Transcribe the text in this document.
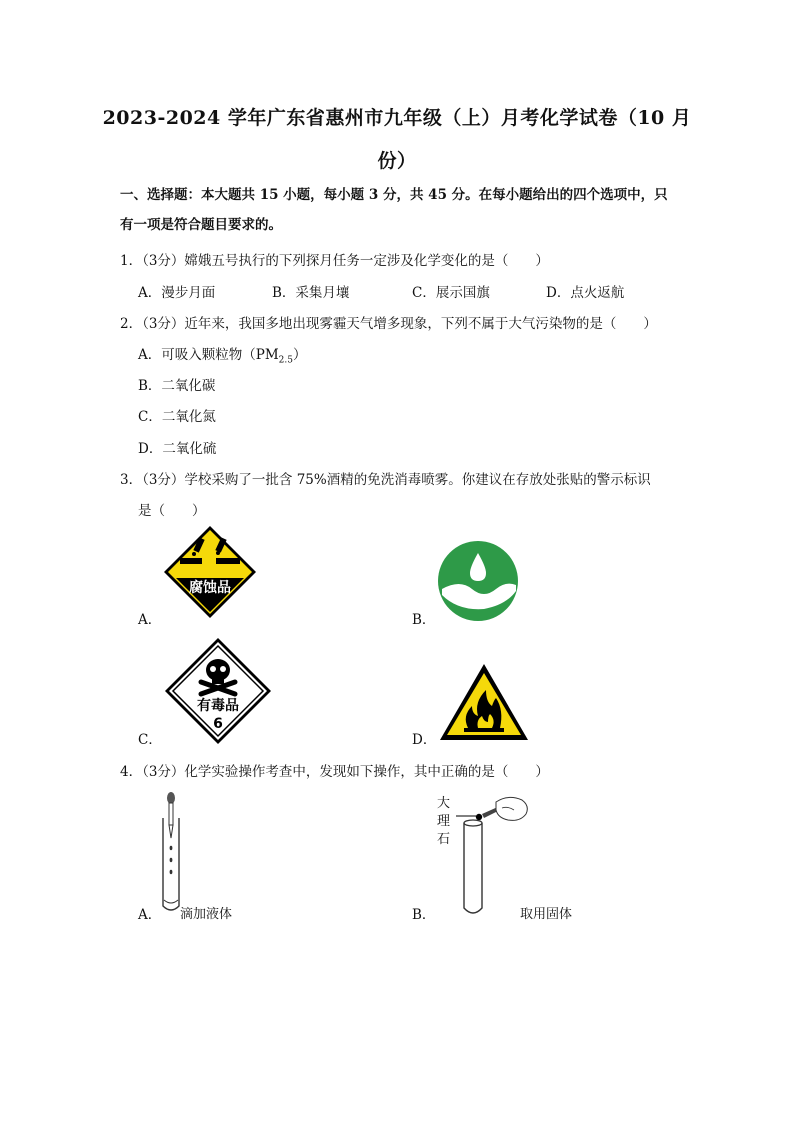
2023-2024 学年广东省惠州市九年级（上）月考化学试卷（10 月
份）
一、选择题：本大题共 15 小题，每小题 3 分，共 45 分。在每小题给出的四个选项中，只
有一项是符合题目要求的。
1．（3分）嫦娥五号执行的下列探月任务一定涉及化学变化的是（　　）
A．漫步月面	B．采集月壤	C．展示国旗	D．点火返航
2．（3分）近年来，我国多地出现雾霾天气增多现象，下列不属于大气污染物的是（　　）
A．可吸入颗粒物$(PM_{2.5})$
B．二氧化碳
C．二氧化氮
D．二氧化硫
3．（3分）学校采购了一批含 75%酒精的免洗消毒喷雾。你建议在存放处张贴的警示标识
是（　　）
A．
腐蚀品
B．
C．
有毒品
6
D．
4．（3分）化学实验操作考查中，发现如下操作，其中正确的是（　　）
A． 滴加液体	B．
大
理
石
取用固体
